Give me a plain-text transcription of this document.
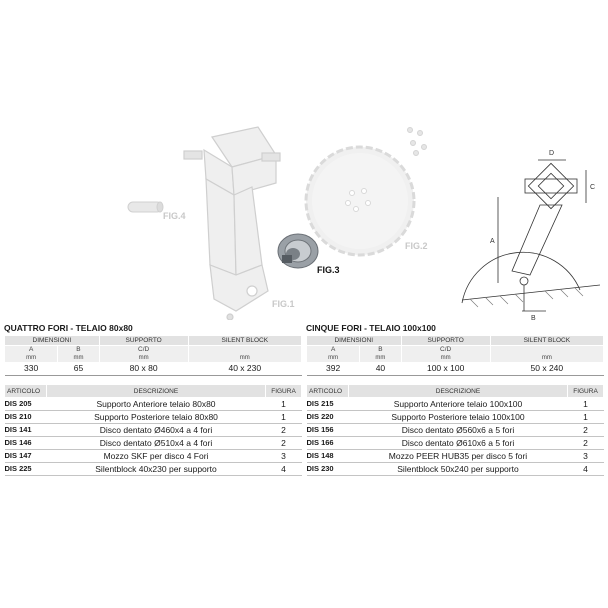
D
C
A
B
FIG.4
FIG.1
FIG.3
FIG.2
QUATTRO FORI - TELAIO 80x80
DIMENSIONI		SUPPORTO	SILENT BLOCK
A	B	C/D	
mm	mm	mm	mm
330	65	80 x 80	40 x 230
ARTICOLO	DESCRIZIONE	FIGURA
DIS 205	Supporto Anteriore telaio 80x80	1
DIS 210	Supporto Posteriore telaio 80x80	1
DIS 141	Disco dentato Ø460x4 a 4 fori	2
DIS 146	Disco dentato Ø510x4 a 4 fori	2
DIS 147	Mozzo SKF per disco 4 Fori	3
DIS 225	Silentblock 40x230 per supporto	4
CINQUE FORI - TELAIO 100x100
DIMENSIONI		SUPPORTO	SILENT BLOCK
A	B	C/D	
mm	mm	mm	mm
392	40	100 x 100	50 x 240
ARTICOLO	DESCRIZIONE	FIGURA
DIS 215	Supporto Anteriore telaio 100x100	1
DIS 220	Supporto Posteriore telaio 100x100	1
DIS 156	Disco dentato Ø560x6 a 5 fori	2
DIS 166	Disco dentato Ø610x6 a 5 fori	2
DIS 148	Mozzo PEER HUB35 per disco 5 fori	3
DIS 230	Silentblock 50x240 per supporto	4
